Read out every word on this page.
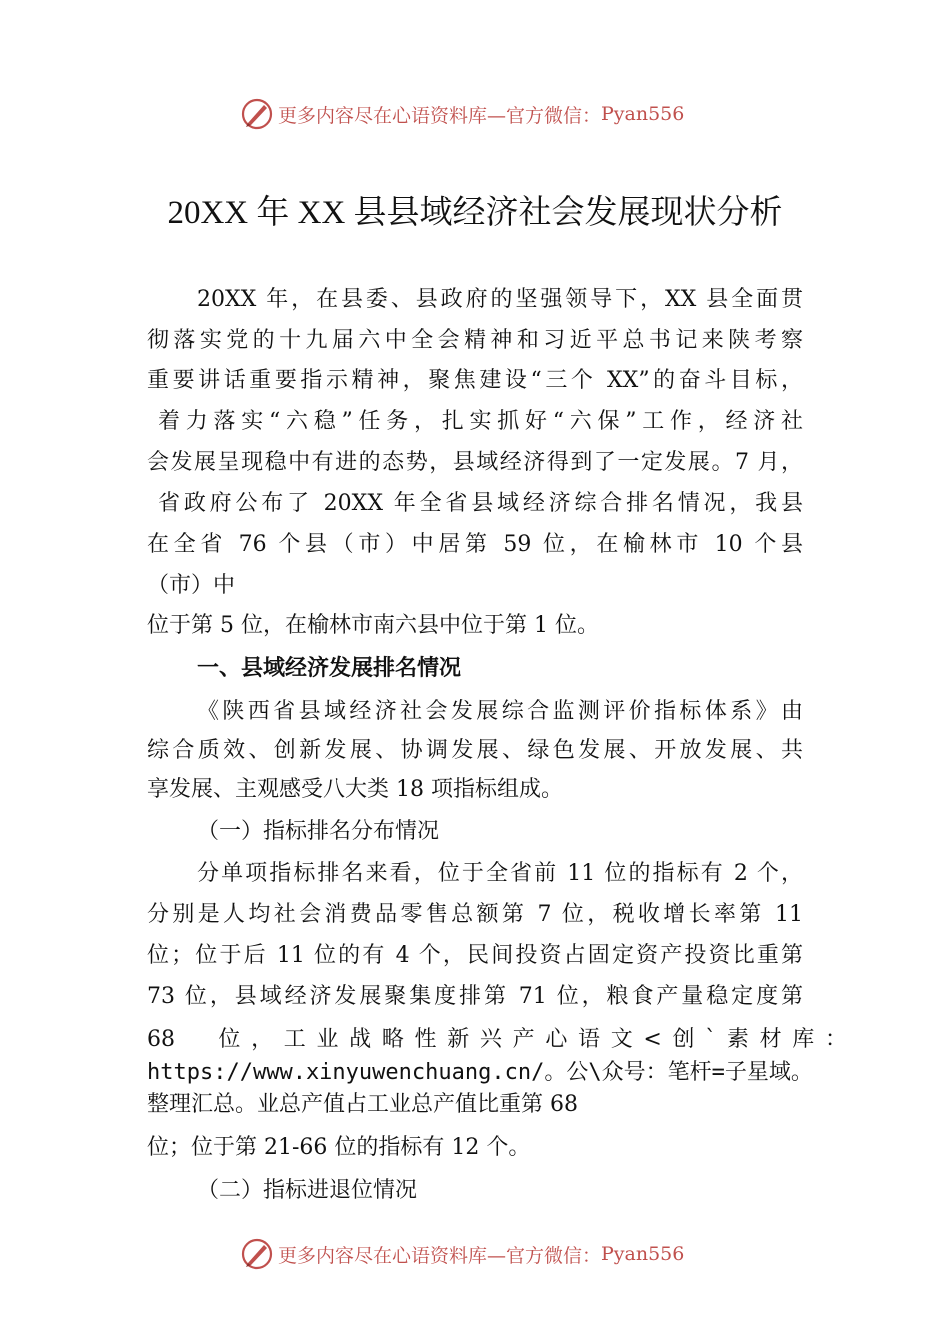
更多内容尽在心语资料库—官方微信： Pyan556
20XX 年 XX 县县域经济社会发展现状分析
20XX 年，在县委、县政府的坚强领导下，XX 县全面贯
彻落实党的十九届六中全会精神和习近平总书记来陕考察
重要讲话重要指示精神，聚焦建设“三个 XX”的奋斗目标，
着力落实“六稳”任务，扎实抓好“六保”工作，经济社
会发展呈现稳中有进的态势，县域经济得到了一定发展。7 月，
省政府公布了 20XX 年全省县域经济综合排名情况，我县
在全省 76 个县（市）中居第 59 位，在榆林市 10 个县
（市）中
位于第 5 位，在榆林市南六县中位于第 1 位。
一、县域经济发展排名情况
《陕西省县域经济社会发展综合监测评价指标体系》由
综合质效、创新发展、协调发展、绿色发展、开放发展、共
享发展、主观感受八大类 18 项指标组成。
（一）指标排名分布情况
分单项指标排名来看，位于全省前 11 位的指标有 2 个，
分别是人均社会消费品零售总额第 7 位，税收增长率第 11
位；位于后 11 位的有 4 个，民间投资占固定资产投资比重第
73 位，县域经济发展聚集度排第 71 位，粮食产量稳定度第
68　位，工业战略性新兴产心语文<创`素材库：
https://www.xinyuwenchuang.cn/。公\众号：笔杆=子星域。
整理汇总。业总产值占工业总产值比重第 68
位；位于第 21-66 位的指标有 12 个。
（二）指标进退位情况
更多内容尽在心语资料库—官方微信： Pyan556
